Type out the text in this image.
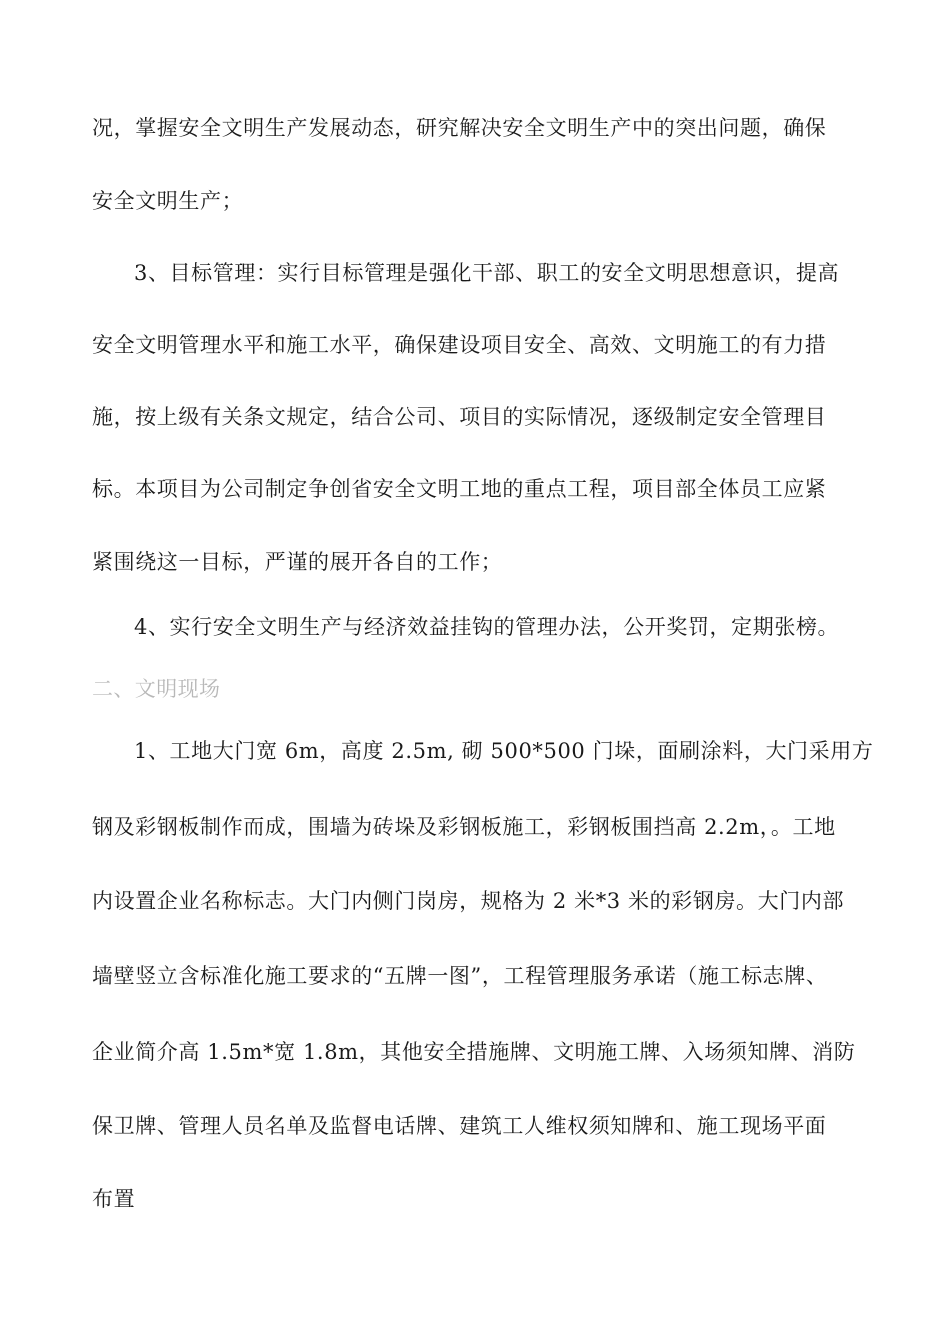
况，掌握安全文明生产发展动态，研究解决安全文明生产中的突出问题，确保
安全文明生产；
3、目标管理：实行目标管理是强化干部、职工的安全文明思想意识，提高
安全文明管理水平和施工水平，确保建设项目安全、高效、文明施工的有力措
施，按上级有关条文规定，结合公司、项目的实际情况，逐级制定安全管理目
标。本项目为公司制定争创省安全文明工地的重点工程，项目部全体员工应紧
紧围绕这一目标，严谨的展开各自的工作；
4、实行安全文明生产与经济效益挂钩的管理办法，公开奖罚，定期张榜。
二、文明现场
1、工地大门宽 6m，高度 2.5m, 砌 500*500 门垛，面刷涂料，大门采用方
钢及彩钢板制作而成，围墙为砖垛及彩钢板施工，彩钢板围挡高 2.2m，。工地
内设置企业名称标志。大门内侧门岗房，规格为 2 米*3 米的彩钢房。大门内部
墙壁竖立含标准化施工要求的“五牌一图”，工程管理服务承诺（施工标志牌、
企业简介高 1.5m*宽 1.8m，其他安全措施牌、文明施工牌、入场须知牌、消防
保卫牌、管理人员名单及监督电话牌、建筑工人维权须知牌和、施工现场平面
布置
